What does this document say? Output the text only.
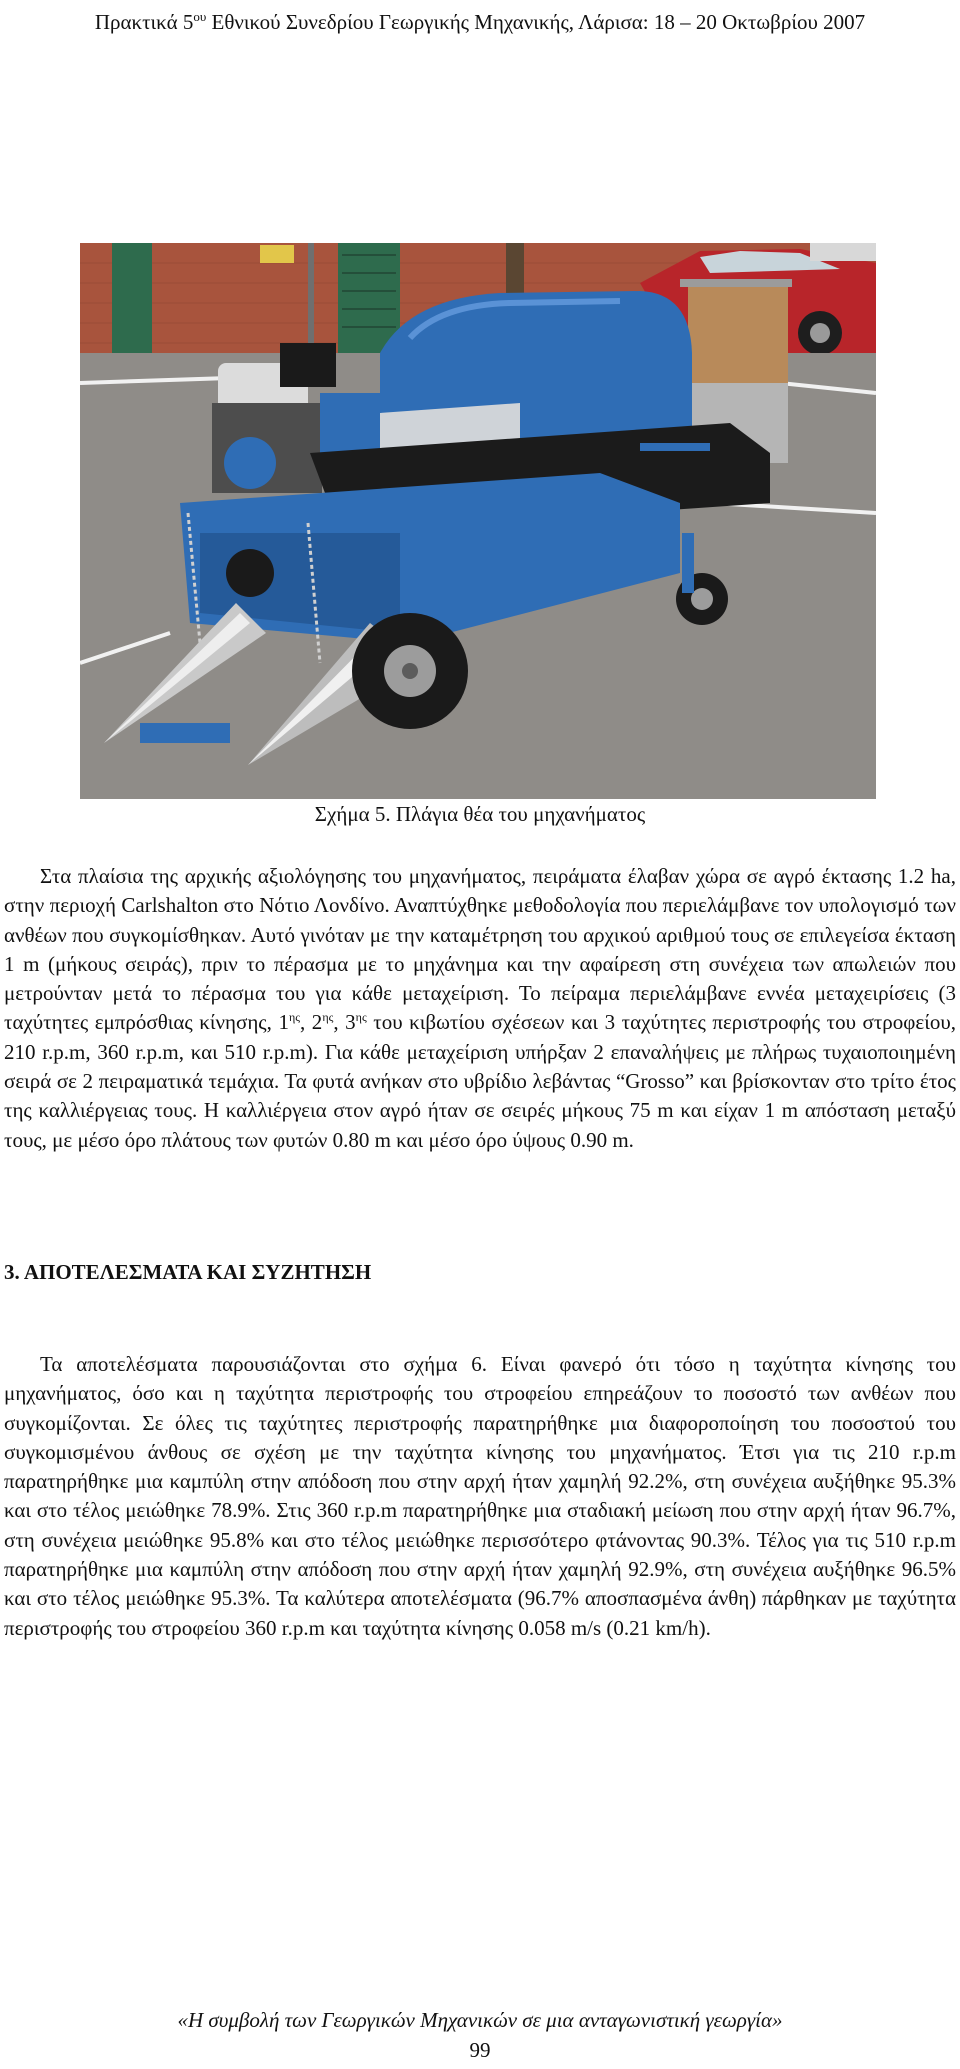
Πρακτικά $5^{o\upsilon}$ Εθνικού Συνεδρίου Γεωργικής Μηχανικής, Λάρισα: 18 – 20 Οκτωβρίου 2007
Σχήμα 5. Πλάγια θέα του μηχανήματος

Στα πλαίσια της αρχικής αξιολόγησης του μηχανήματος, πειράματα έλαβαν χώρα σε αγρό έκτασης 1.2 ha, στην περιοχή Carlshalton στο Νότιο Λονδίνο. Αναπτύχθηκε μεθοδολογία που περιελάμβανε τον υπολογισμό των ανθέων που συγκομίσθηκαν. Αυτό γινόταν με την καταμέτρηση του αρχικού αριθμού τους σε επιλεγείσα έκταση 1 m (μήκους σειράς), πριν το πέρασμα με το μηχάνημα και την αφαίρεση στη συνέχεια των απωλειών που μετρούνταν μετά το πέρασμα του για κάθε μεταχείριση. Το πείραμα περιελάμβανε εννέα μεταχειρίσεις (3 ταχύτητες εμπρόσθιας κίνησης, $1^{\eta\varsigma}$, $2^{\eta\varsigma}$, $3^{\eta\varsigma}$ του κιβωτίου σχέσεων και 3 ταχύτητες περιστροφής του στροφείου, 210 r.p.m, 360 r.p.m, και 510 r.p.m). Για κάθε μεταχείριση υπήρξαν 2 επαναλήψεις με πλήρως τυχαιοποιημένη σειρά σε 2 πειραματικά τεμάχια. Τα φυτά ανήκαν στο υβρίδιο λεβάντας “Grosso” και βρίσκονταν στο τρίτο έτος της καλλιέργειας τους. Η καλλιέργεια στον αγρό ήταν σε σειρές μήκους 75 m και είχαν 1 m απόσταση μεταξύ τους, με μέσο όρο πλάτους των φυτών 0.80 m και μέσο όρο ύψους 0.90 m.

3. ΑΠΟΤΕΛΕΣΜΑΤΑ ΚΑΙ ΣΥΖΗΤΗΣΗ

Τα αποτελέσματα παρουσιάζονται στο σχήμα 6. Είναι φανερό ότι τόσο η ταχύτητα κίνησης του μηχανήματος, όσο και η ταχύτητα περιστροφής του στροφείου επηρεάζουν το ποσοστό των ανθέων που συγκομίζονται. Σε όλες τις ταχύτητες περιστροφής παρατηρήθηκε μια διαφοροποίηση του ποσοστού του συγκομισμένου άνθους σε σχέση με την ταχύτητα κίνησης του μηχανήματος. Έτσι για τις 210 r.p.m παρατηρήθηκε μια καμπύλη στην απόδοση που στην αρχή ήταν χαμηλή 92.2%, στη συνέχεια αυξήθηκε 95.3% και στο τέλος μειώθηκε 78.9%. Στις 360 r.p.m παρατηρήθηκε μια σταδιακή μείωση που στην αρχή ήταν 96.7%, στη συνέχεια μειώθηκε 95.8% και στο τέλος μειώθηκε περισσότερο φτάνοντας 90.3%. Τέλος για τις 510 r.p.m παρατηρήθηκε μια καμπύλη στην απόδοση που στην αρχή ήταν χαμηλή 92.9%, στη συνέχεια αυξήθηκε 96.5% και στο τέλος μειώθηκε 95.3%. Τα καλύτερα αποτελέσματα (96.7% αποσπασμένα άνθη) πάρθηκαν με ταχύτητα περιστροφής του στροφείου 360 r.p.m και ταχύτητα κίνησης 0.058 m/s (0.21 km/h).

«Η συμβολή των Γεωργικών Μηχανικών σε μια ανταγωνιστική γεωργία»
99
